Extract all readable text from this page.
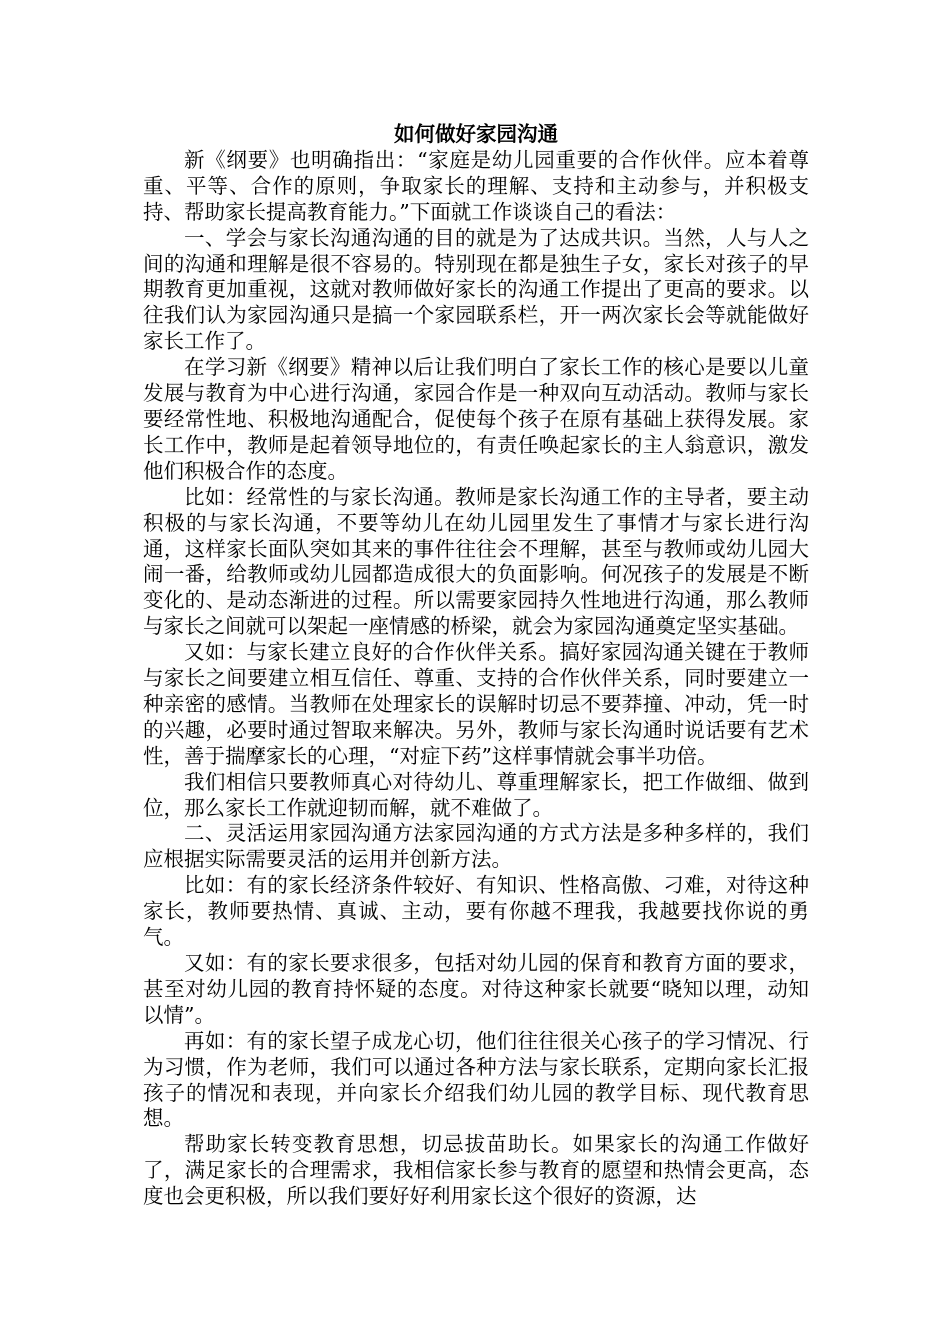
如何做好家园沟通

新《纲要》也明确指出：“家庭是幼儿园重要的合作伙伴。应本着尊重、平等、合作的原则，争取家长的理解、支持和主动参与，并积极支持、帮助家长提高教育能力。”下面就工作谈谈自己的看法：

一、学会与家长沟通沟通的目的就是为了达成共识。当然，人与人之间的沟通和理解是很不容易的。特别现在都是独生子女，家长对孩子的早期教育更加重视，这就对教师做好家长的沟通工作提出了更高的要求。以往我们认为家园沟通只是搞一个家园联系栏，开一两次家长会等就能做好家长工作了。

在学习新《纲要》精神以后让我们明白了家长工作的核心是要以儿童发展与教育为中心进行沟通，家园合作是一种双向互动活动。教师与家长要经常性地、积极地沟通配合，促使每个孩子在原有基础上获得发展。家长工作中，教师是起着领导地位的，有责任唤起家长的主人翁意识，激发他们积极合作的态度。

比如：经常性的与家长沟通。教师是家长沟通工作的主导者，要主动积极的与家长沟通，不要等幼儿在幼儿园里发生了事情才与家长进行沟通，这样家长面队突如其来的事件往往会不理解，甚至与教师或幼儿园大闹一番，给教师或幼儿园都造成很大的负面影响。何况孩子的发展是不断变化的、是动态渐进的过程。所以需要家园持久性地进行沟通，那么教师与家长之间就可以架起一座情感的桥梁，就会为家园沟通奠定坚实基础。

又如：与家长建立良好的合作伙伴关系。搞好家园沟通关键在于教师与家长之间要建立相互信任、尊重、支持的合作伙伴关系，同时要建立一种亲密的感情。当教师在处理家长的误解时切忌不要莽撞、冲动，凭一时的兴趣，必要时通过智取来解决。另外，教师与家长沟通时说话要有艺术性，善于揣摩家长的心理，“对症下药”这样事情就会事半功倍。

我们相信只要教师真心对待幼儿、尊重理解家长，把工作做细、做到位，那么家长工作就迎韧而解，就不难做了。

二、灵活运用家园沟通方法家园沟通的方式方法是多种多样的，我们应根据实际需要灵活的运用并创新方法。

比如：有的家长经济条件较好、有知识、性格高傲、刁难，对待这种家长，教师要热情、真诚、主动，要有你越不理我，我越要找你说的勇气。

又如：有的家长要求很多，包括对幼儿园的保育和教育方面的要求，甚至对幼儿园的教育持怀疑的态度。对待这种家长就要“晓知以理，动知以情”。

再如：有的家长望子成龙心切，他们往往很关心孩子的学习情况、行为习惯，作为老师，我们可以通过各种方法与家长联系，定期向家长汇报孩子的情况和表现，并向家长介绍我们幼儿园的教学目标、现代教育思想。

帮助家长转变教育思想，切忌拔苗助长。如果家长的沟通工作做好了，满足家长的合理需求，我相信家长参与教育的愿望和热情会更高，态度也会更积极，所以我们要好好利用家长这个很好的资源，达
